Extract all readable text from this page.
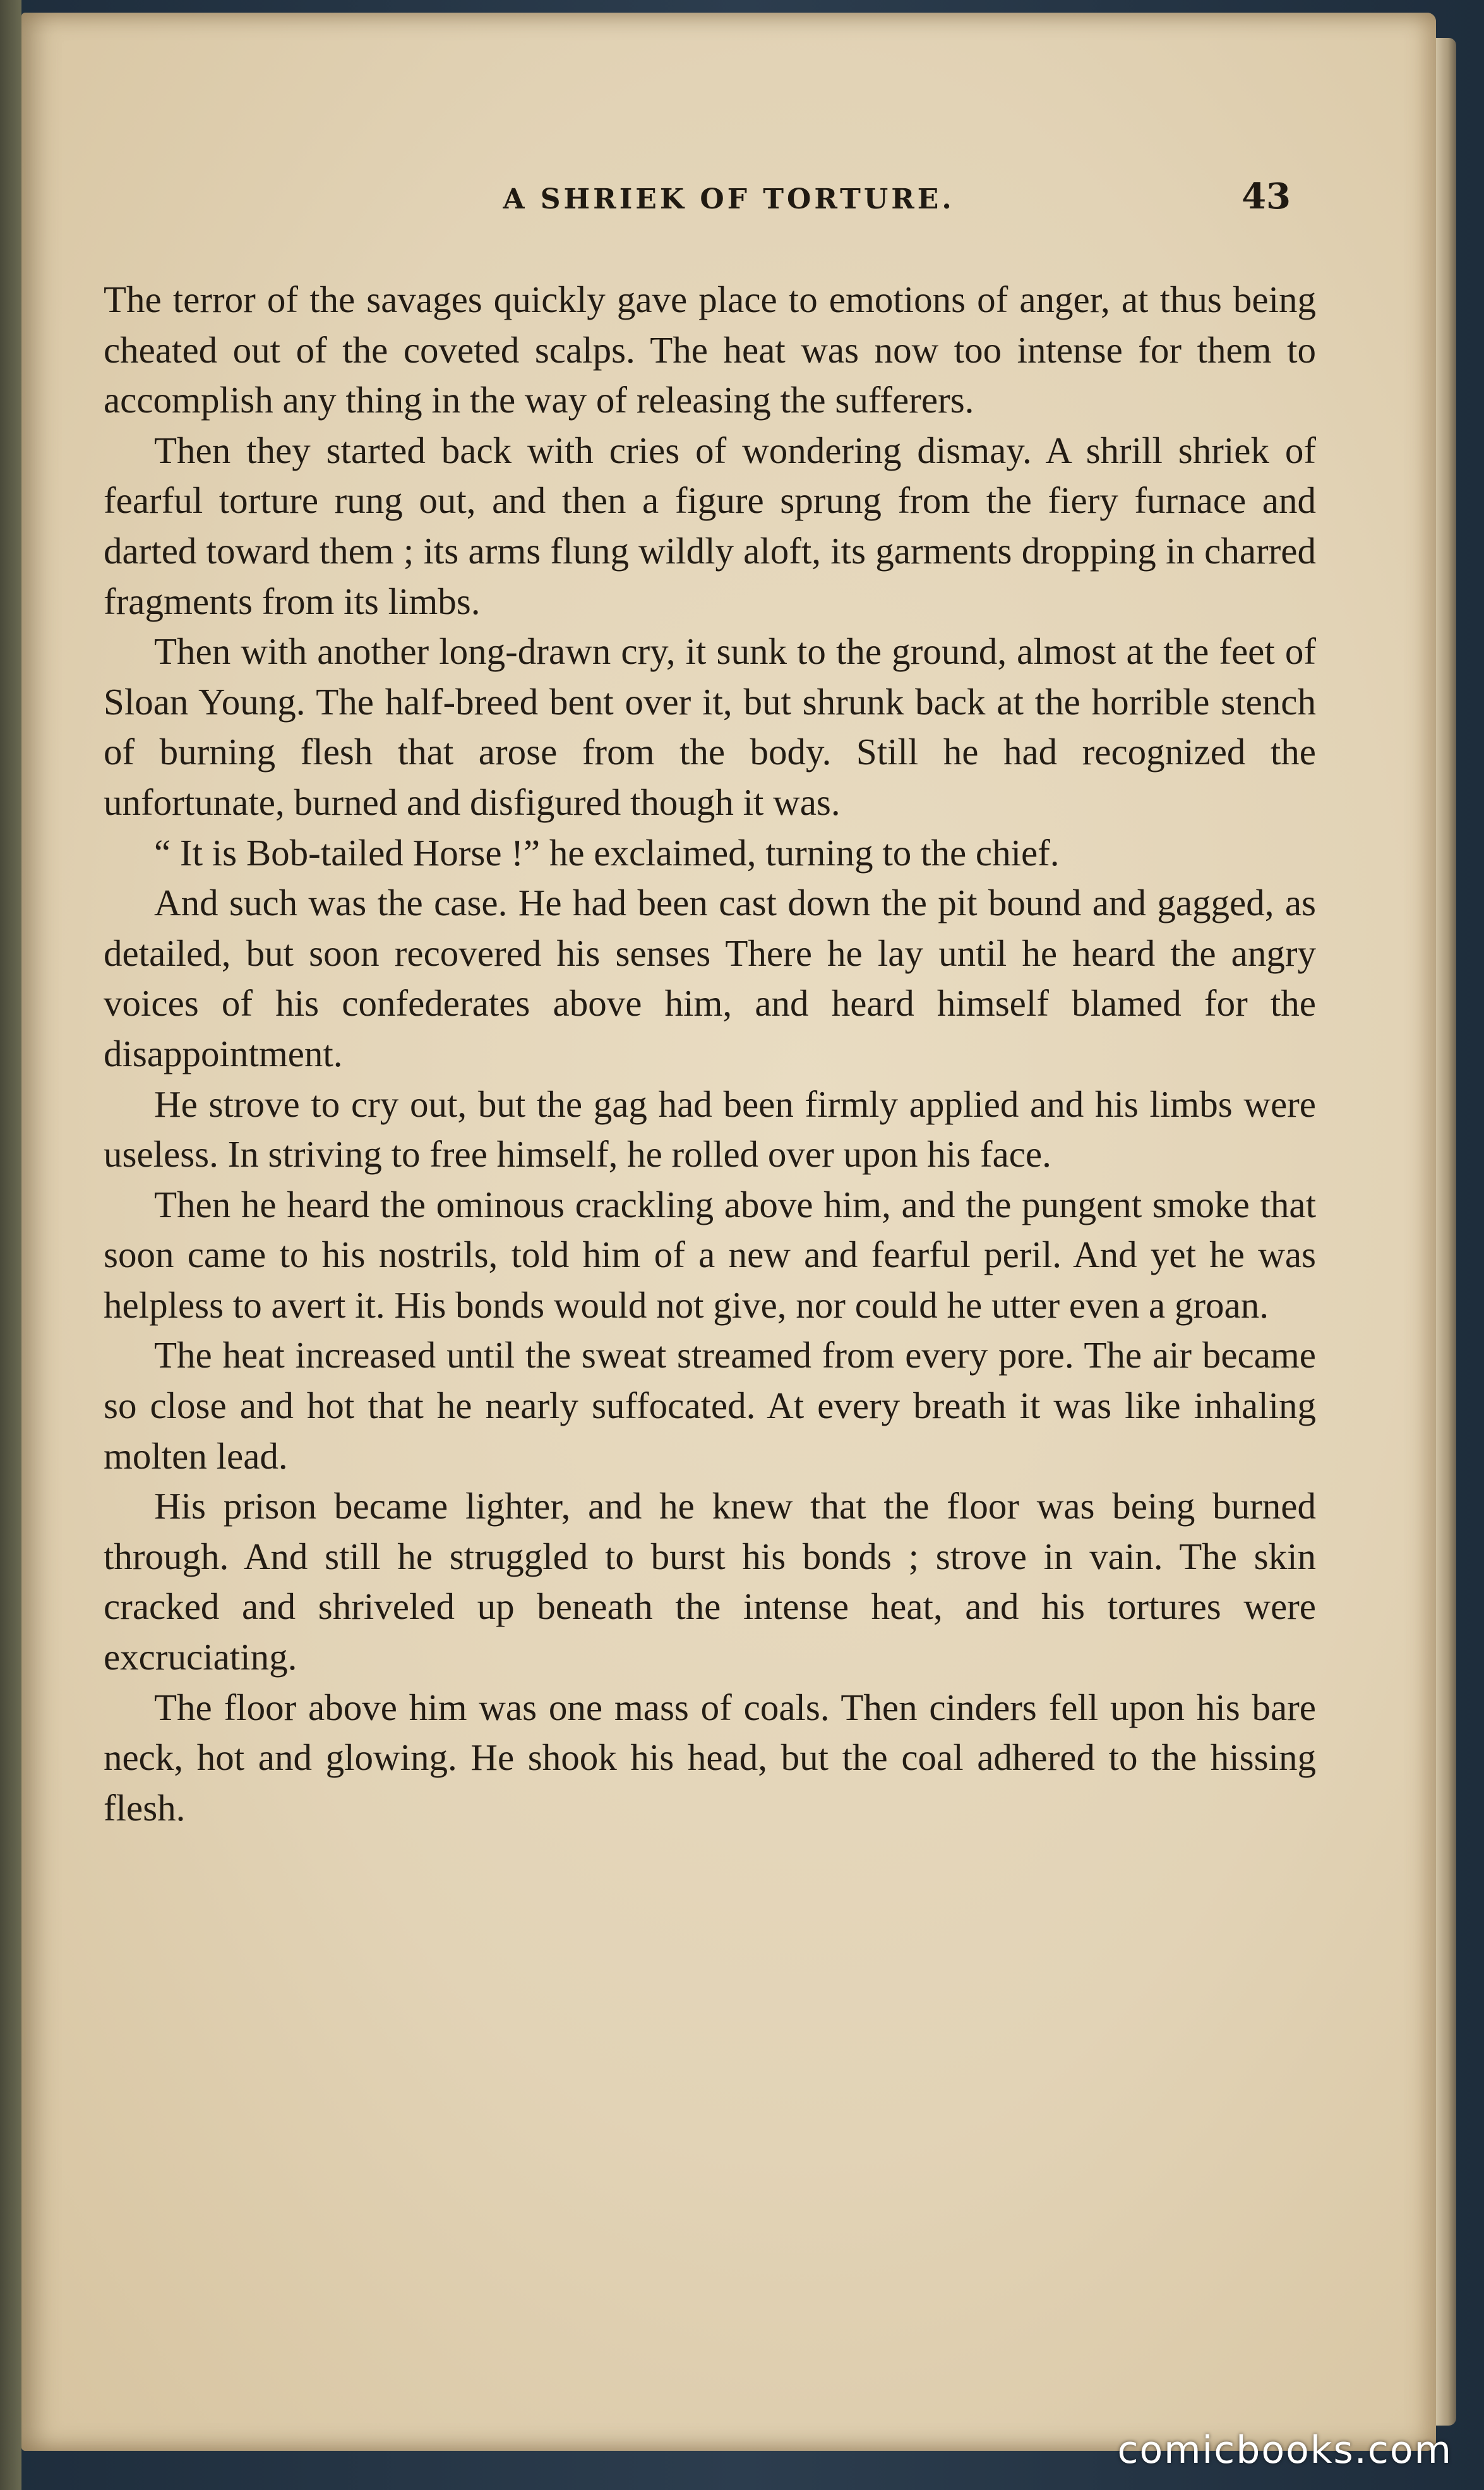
A SHRIEK OF TORTURE.	43

The terror of the savages quickly gave place to emotions of anger, at thus being cheated out of the coveted scalps. The heat was now too intense for them to accomplish any thing in the way of releasing the sufferers.

Then they started back with cries of wondering dismay. A shrill shriek of fearful torture rung out, and then a figure sprung from the fiery furnace and darted toward them ; its arms flung wildly aloft, its garments dropping in charred fragments from its limbs.

Then with another long-drawn cry, it sunk to the ground, almost at the feet of Sloan Young. The half-breed bent over it, but shrunk back at the horrible stench of burning flesh that arose from the body. Still he had recognized the unfortunate, burned and disfigured though it was.

“ It is Bob-tailed Horse !” he exclaimed, turning to the chief.

And such was the case. He had been cast down the pit bound and gagged, as detailed, but soon recovered his senses There he lay until he heard the angry voices of his confederates above him, and heard himself blamed for the disappointment.

He strove to cry out, but the gag had been firmly applied and his limbs were useless. In striving to free himself, he rolled over upon his face.

Then he heard the ominous crackling above him, and the pungent smoke that soon came to his nostrils, told him of a new and fearful peril. And yet he was helpless to avert it. His bonds would not give, nor could he utter even a groan.

The heat increased until the sweat streamed from every pore. The air became so close and hot that he nearly suffocated. At every breath it was like inhaling molten lead.

His prison became lighter, and he knew that the floor was being burned through. And still he struggled to burst his bonds ; strove in vain. The skin cracked and shriveled up beneath the intense heat, and his tortures were excruciating.

The floor above him was one mass of coals. Then cinders fell upon his bare neck, hot and glowing. He shook his head, but the coal adhered to the hissing flesh.

comicbooks.com
